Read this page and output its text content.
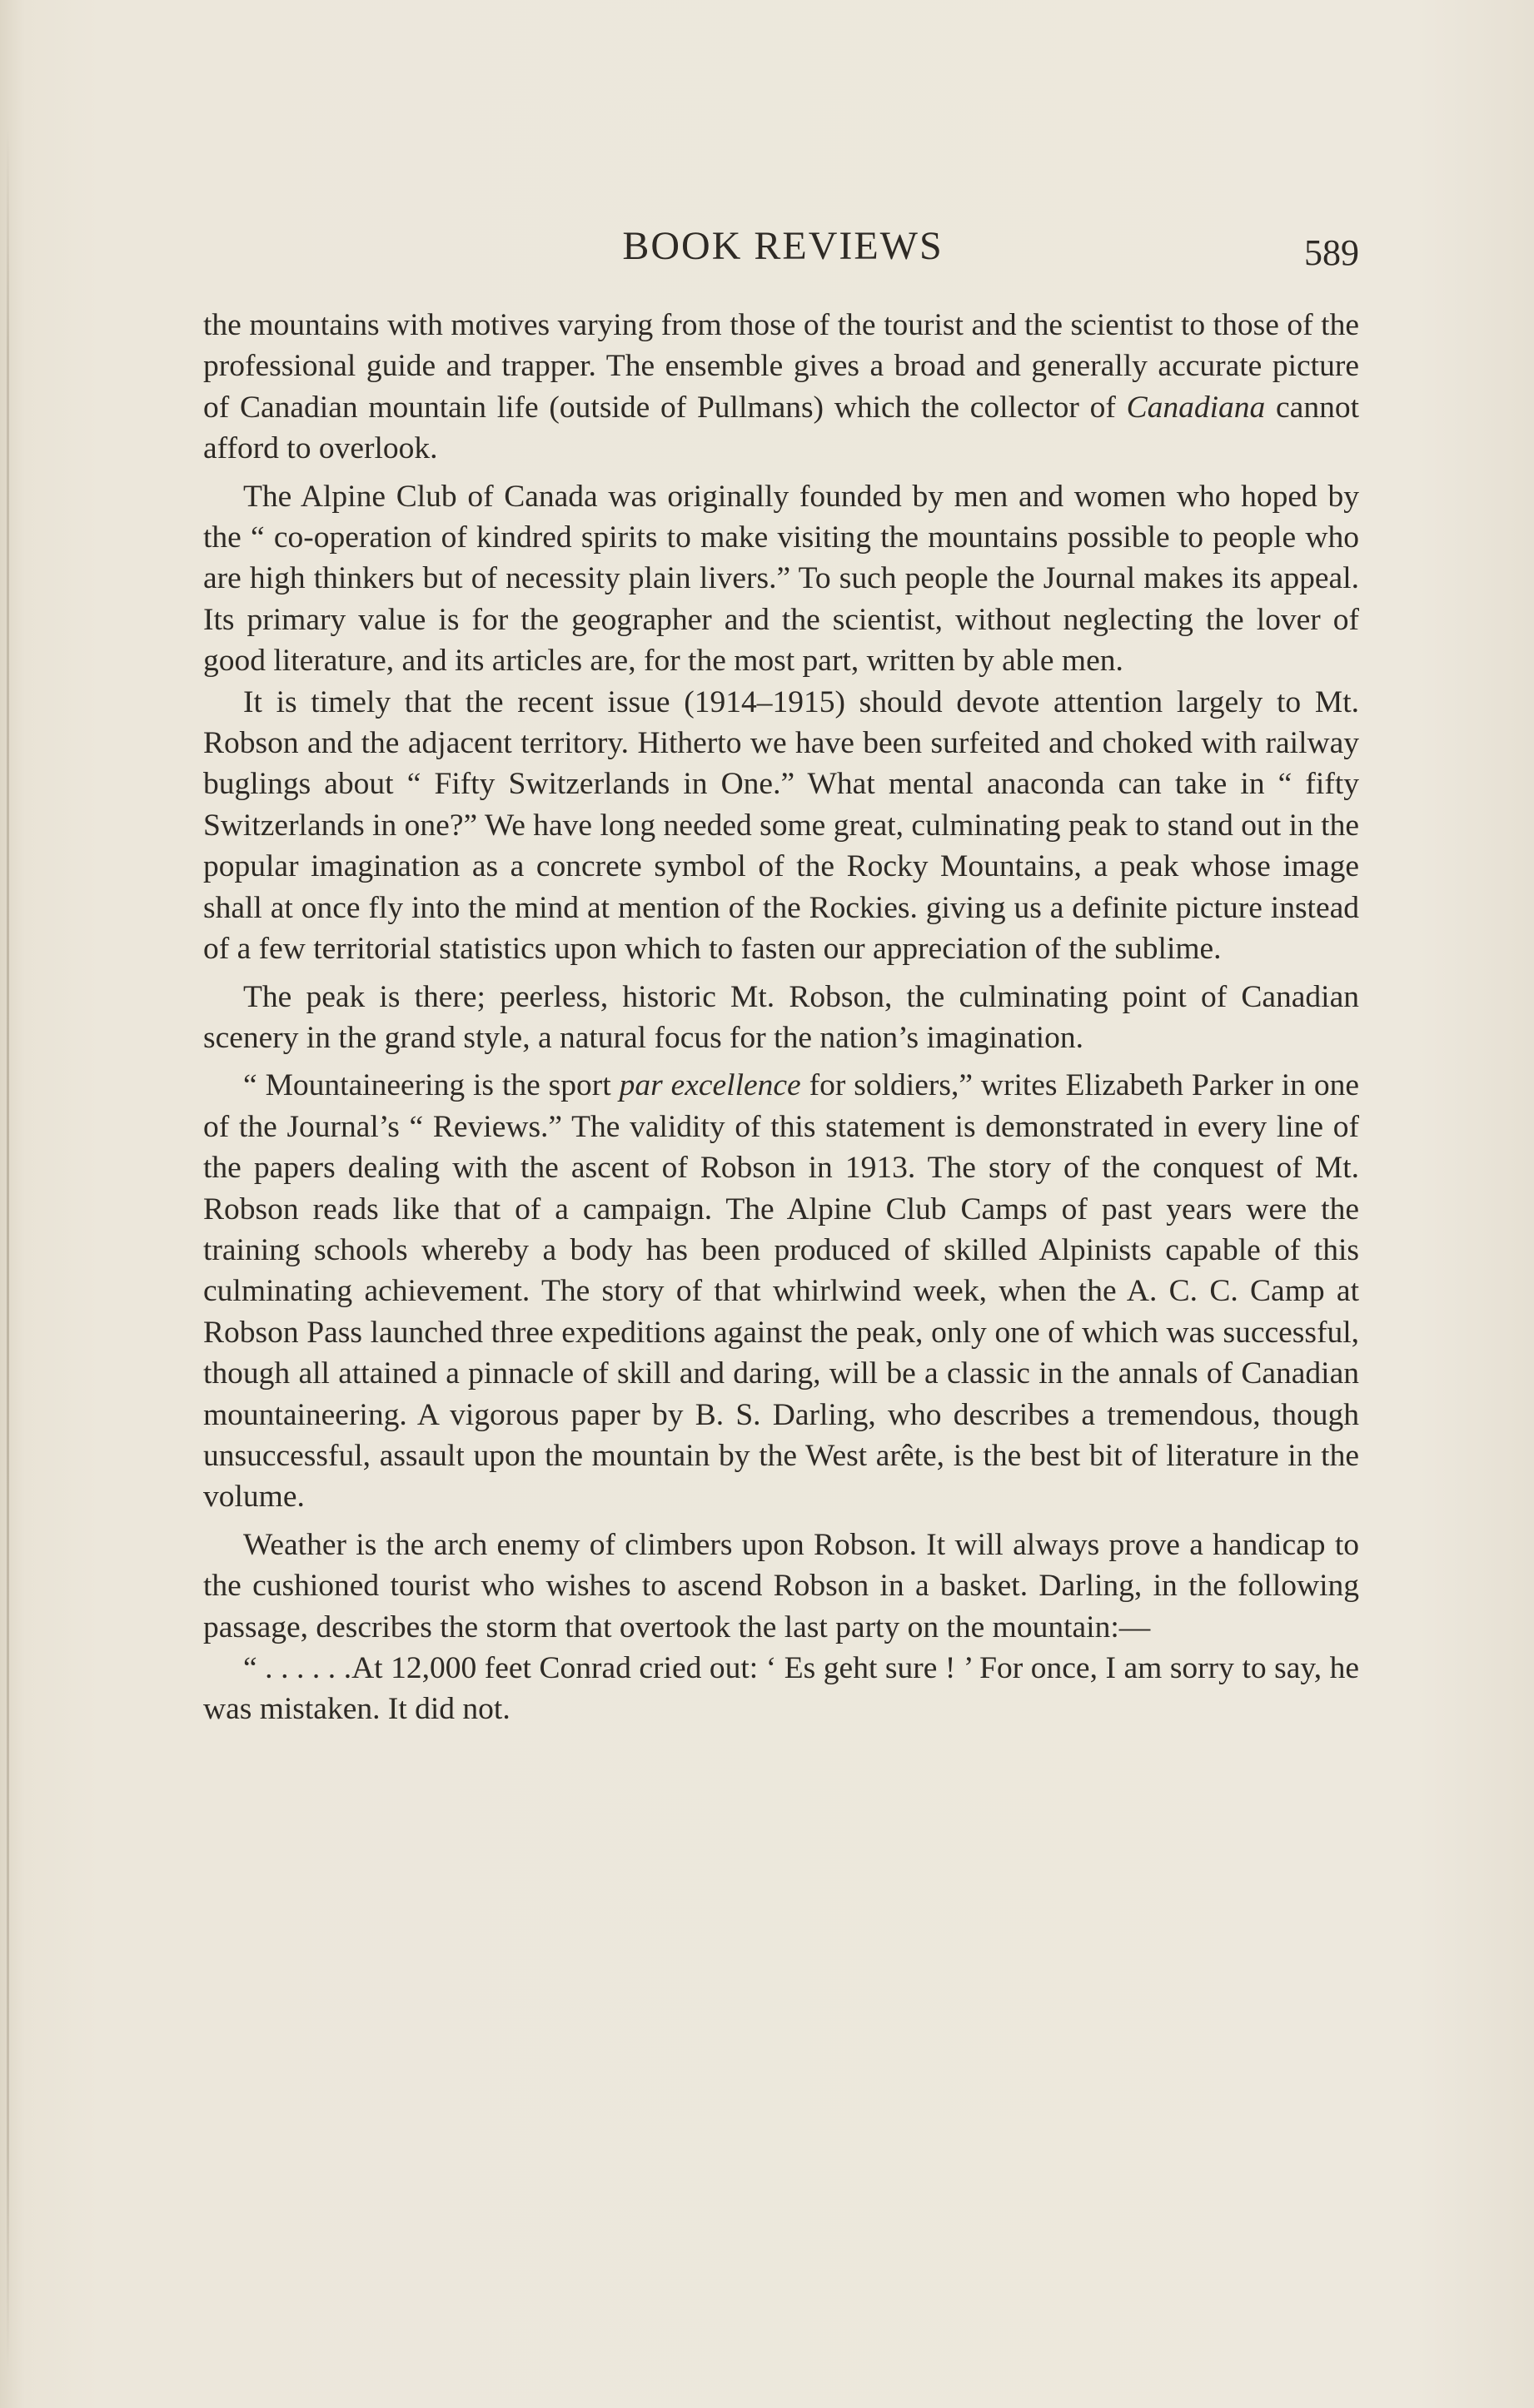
BOOK REVIEWS	589

the mountains with motives varying from those of the tourist and the scientist to those of the professional guide and trapper. The ensemble gives a broad and generally accurate picture of Canadian mountain life (outside of Pullmans) which the collector of Canadiana cannot afford to overlook.

The Alpine Club of Canada was originally founded by men and women who hoped by the “ co-operation of kindred spirits to make visiting the mountains possible to people who are high thinkers but of necessity plain livers.” To such people the Journal makes its appeal. Its primary value is for the geographer and the scientist, without neglecting the lover of good literature, and its articles are, for the most part, written by able men.

It is timely that the recent issue (1914–1915) should devote attention largely to Mt. Robson and the adjacent territory. Hitherto we have been surfeited and choked with railway buglings about “ Fifty Switzerlands in One.” What mental anaconda can take in “ fifty Switzerlands in one?” We have long needed some great, culminating peak to stand out in the popular imagination as a concrete symbol of the Rocky Mountains, a peak whose image shall at once fly into the mind at mention of the Rockies. giving us a definite picture instead of a few territorial statistics upon which to fasten our appreciation of the sublime.

The peak is there; peerless, historic Mt. Robson, the culminating point of Canadian scenery in the grand style, a natural focus for the nation’s imagination.

“ Mountaineering is the sport par excellence for soldiers,” writes Elizabeth Parker in one of the Journal’s “ Reviews.” The validity of this statement is demonstrated in every line of the papers dealing with the ascent of Robson in 1913. The story of the conquest of Mt. Robson reads like that of a campaign. The Alpine Club Camps of past years were the training schools whereby a body has been produced of skilled Alpinists capable of this culminating achievement. The story of that whirlwind week, when the A. C. C. Camp at Robson Pass launched three expeditions against the peak, only one of which was successful, though all attained a pinnacle of skill and daring, will be a classic in the annals of Canadian mountaineering. A vigorous paper by B. S. Darling, who describes a tremendous, though unsuccessful, assault upon the mountain by the West arête, is the best bit of literature in the volume.

Weather is the arch enemy of climbers upon Robson. It will always prove a handicap to the cushioned tourist who wishes to ascend Robson in a basket. Darling, in the following passage, describes the storm that overtook the last party on the mountain:—

“ . . . . . .At 12,000 feet Conrad cried out: ‘ Es geht sure ! ’ For once, I am sorry to say, he was mistaken. It did not.
